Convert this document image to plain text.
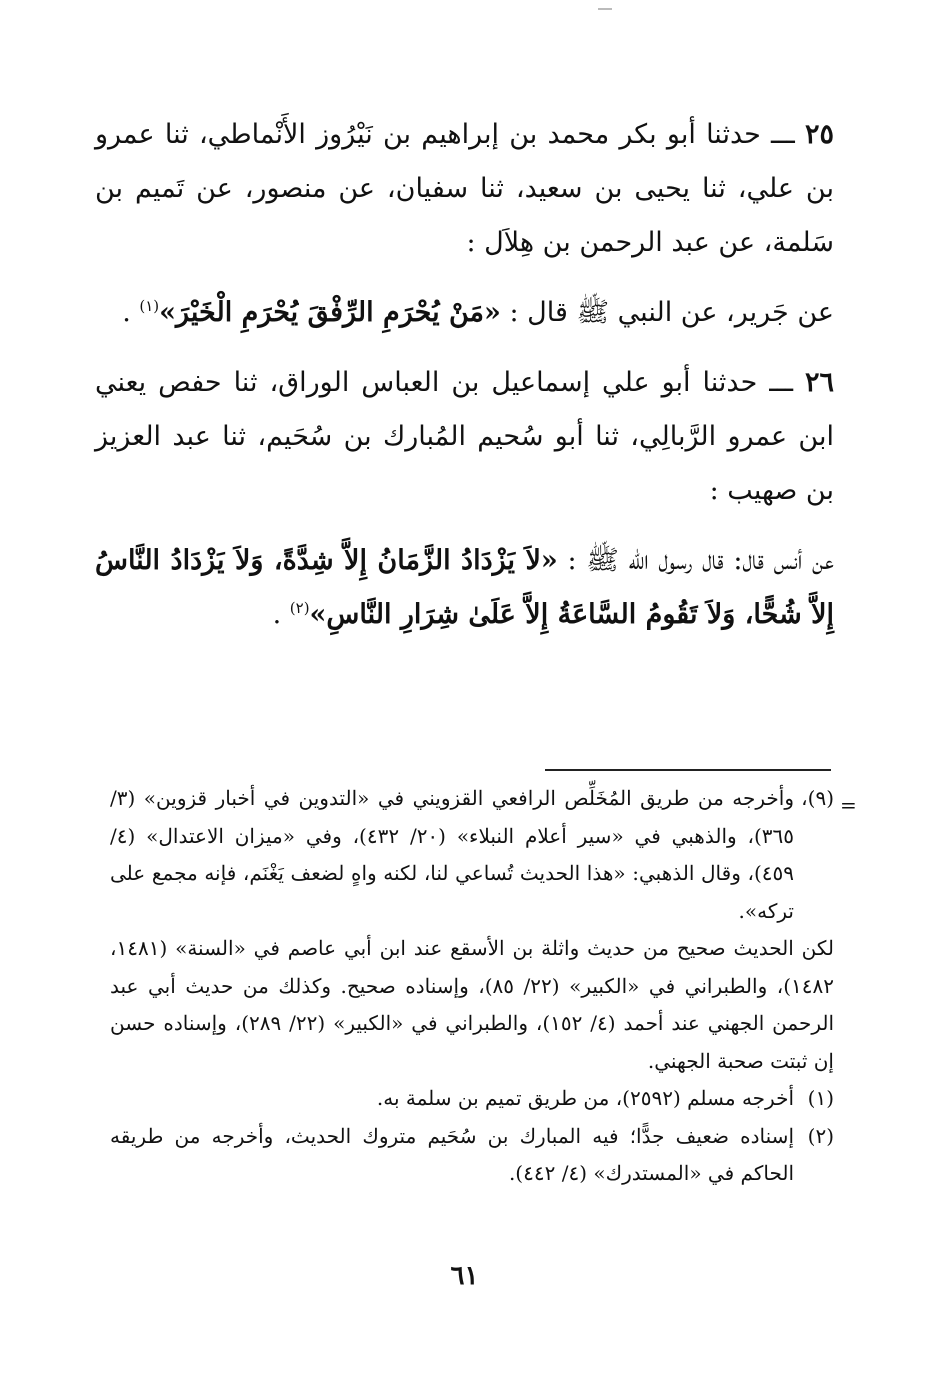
٢٥ ـــ حدثنا أبو بكر محمد بن إبراهيم بن نَيْرُوز الأَنْماطي، ثنا عمرو بن علي، ثنا يحيى بن سعيد، ثنا سفيان، عن منصور، عن تَميم بن سَلمة، عن عبد الرحمن بن هِلاَل :

عن جَرير، عن النبي ﷺ قال : «مَنْ يُحْرَمِ الرِّفْقَ يُحْرَمِ الْخَيْرَ»$^{(١)}$ .

٢٦ ـــ حدثنا أبو علي إسماعيل بن العباس الوراق، ثنا حفص يعني ابن عمرو الرَّبالِي، ثنا أبو سُحيم المُبارك بن سُحَيم، ثنا عبد العزيز بن صهيب :

عن أنس قال: قال رسول الله ﷺ : «لاَ يَزْدَادُ الزَّمَانُ إِلاَّ شِدَّةً، وَلاَ يَزْدَادُ النَّاسُ إِلاَّ شُحًّا، وَلاَ تَقُومُ السَّاعَةُ إِلاَّ عَلَىٰ شِرَارِ النَّاسِ»$^{(٢)}$ .

=
(٩)،
وأخرجه من طريق المُخَلِّص الرافعي القزويني في «التدوين في أخبار قزوين» (٣/ ٣٦٥)، والذهبي في «سير أعلام النبلاء» (٢٠/ ٤٣٢)، وفي «ميزان الاعتدال» (٤/ ٤٥٩)، وقال الذهبي: «هذا الحديث تُساعي لنا، لكنه واهٍ لضعف يَغْنَم، فإنه مجمع على تركه».

لكن الحديث صحيح من حديث واثلة بن الأسقع عند ابن أبي عاصم في «السنة» (١٤٨١، ١٤٨٢)، والطبراني في «الكبير» (٢٢/ ٨٥)، وإسناده صحيح. وكذلك من حديث أبي عبد الرحمن الجهني عند أحمد (٤/ ١٥٢)، والطبراني في «الكبير» (٢٢/ ٢٨٩)، وإسناده حسن إن ثبتت صحبة الجهني.

(١)
أخرجه مسلم (٢٥٩٢)، من طريق تميم بن سلمة به.
(٢)
إسناده ضعيف جدًّا؛ فيه المبارك بن سُحَيم متروك الحديث، وأخرجه من طريقه الحاكم في «المستدرك» (٤/ ٤٤٢).
٦١
